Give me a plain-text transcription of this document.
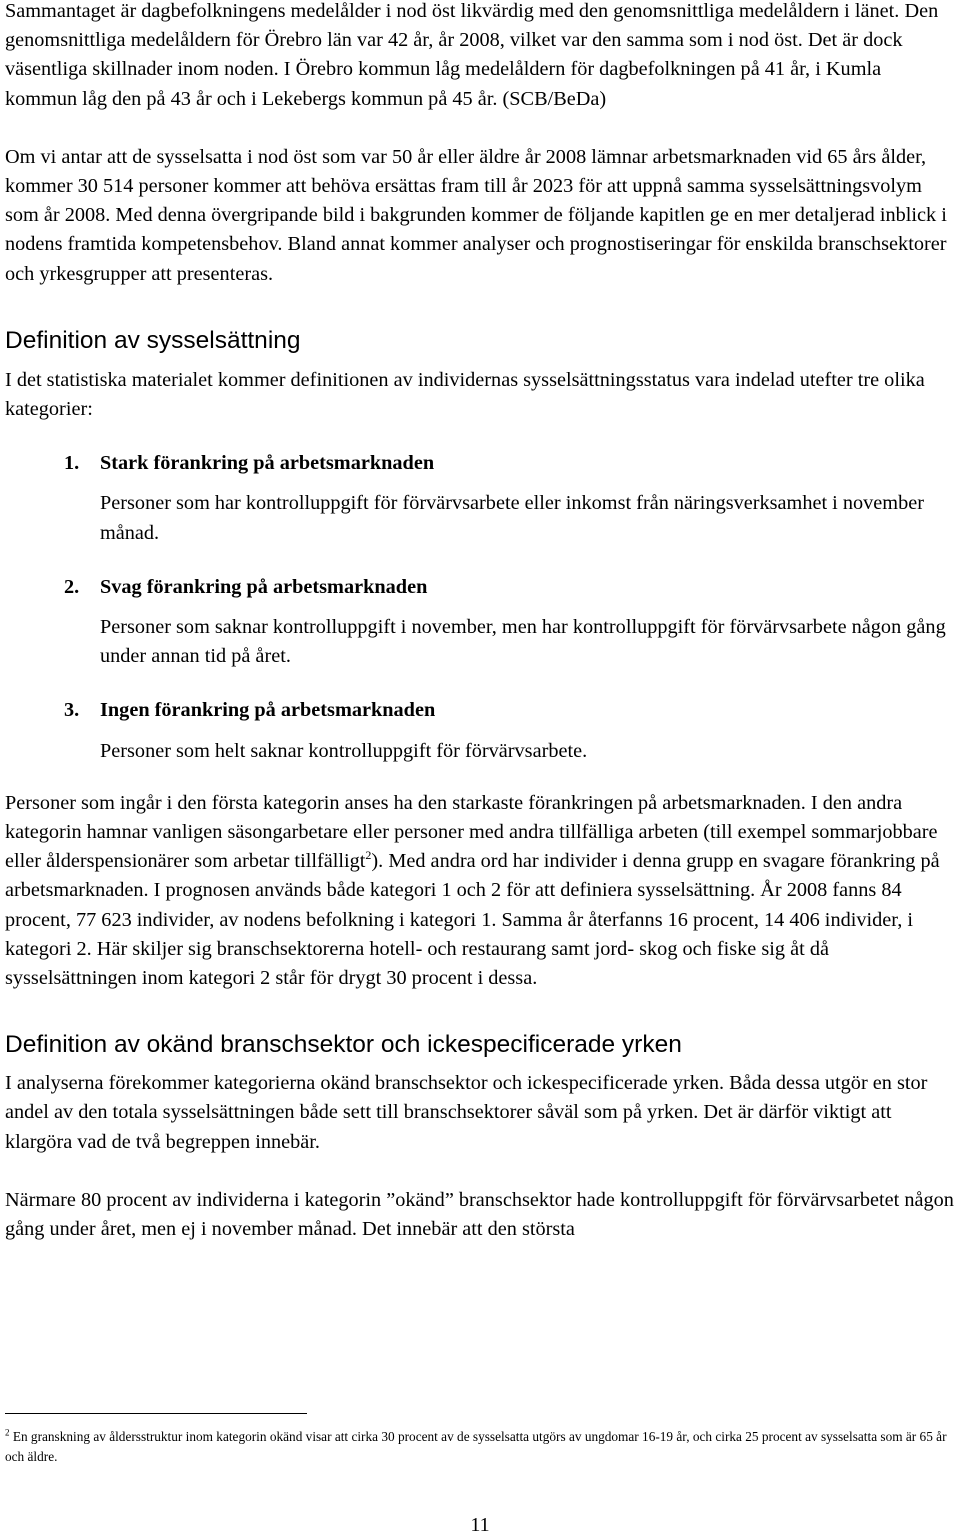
Sammantaget är dagbefolkningens medelålder i nod öst likvärdig med den genomsnittliga medelåldern i länet. Den genomsnittliga medelåldern för Örebro län var 42 år, år 2008, vilket var den samma som i nod öst. Det är dock väsentliga skillnader inom noden. I Örebro kommun låg medelåldern för dagbefolkningen på 41 år, i Kumla kommun låg den på 43 år och i Lekebergs kommun på 45 år. (SCB/BeDa)

Om vi antar att de sysselsatta i nod öst som var 50 år eller äldre år 2008 lämnar arbetsmarknaden vid 65 års ålder, kommer 30 514 personer kommer att behöva ersättas fram till år 2023 för att uppnå samma sysselsättningsvolym som år 2008. Med denna övergripande bild i bakgrunden kommer de följande kapitlen ge en mer detaljerad inblick i nodens framtida kompetensbehov. Bland annat kommer analyser och prognostiseringar för enskilda branschsektorer och yrkesgrupper att presenteras.

Definition av sysselsättning

I det statistiska materialet kommer definitionen av individernas sysselsättningsstatus vara indelad utefter tre olika kategorier:

1. Stark förankring på arbetsmarknaden

Personer som har kontrolluppgift för förvärvsarbete eller inkomst från näringsverksamhet i november månad.

2. Svag förankring på arbetsmarknaden

Personer som saknar kontrolluppgift i november, men har kontrolluppgift för förvärvsarbete någon gång under annan tid på året.

3. Ingen förankring på arbetsmarknaden

Personer som helt saknar kontrolluppgift för förvärvsarbete.

Personer som ingår i den första kategorin anses ha den starkaste förankringen på arbetsmarknaden. I den andra kategorin hamnar vanligen säsongarbetare eller personer med andra tillfälliga arbeten (till exempel sommarjobbare eller ålderspensionärer som arbetar tillfälligt$^2$). Med andra ord har individer i denna grupp en svagare förankring på arbetsmarknaden. I prognosen används både kategori 1 och 2 för att definiera sysselsättning. År 2008 fanns 84 procent, 77 623 individer, av nodens befolkning i kategori 1. Samma år återfanns 16 procent, 14 406 individer, i kategori 2. Här skiljer sig branschsektorerna hotell- och restaurang samt jord- skog och fiske sig åt då sysselsättningen inom kategori 2 står för drygt 30 procent i dessa.

Definition av okänd branschsektor och ickespecificerade yrken

I analyserna förekommer kategorierna okänd branschsektor och ickespecificerade yrken. Båda dessa utgör en stor andel av den totala sysselsättningen både sett till branschsektorer såväl som på yrken. Det är därför viktigt att klargöra vad de två begreppen innebär.

Närmare 80 procent av individerna i kategorin ”okänd” branschsektor hade kontrolluppgift för förvärvsarbetet någon gång under året, men ej i november månad. Det innebär att den största

$^2$ En granskning av åldersstruktur inom kategorin okänd visar att cirka 30 procent av de sysselsatta utgörs av ungdomar 16-19 år, och cirka 25 procent av sysselsatta som är 65 år och äldre.
11
